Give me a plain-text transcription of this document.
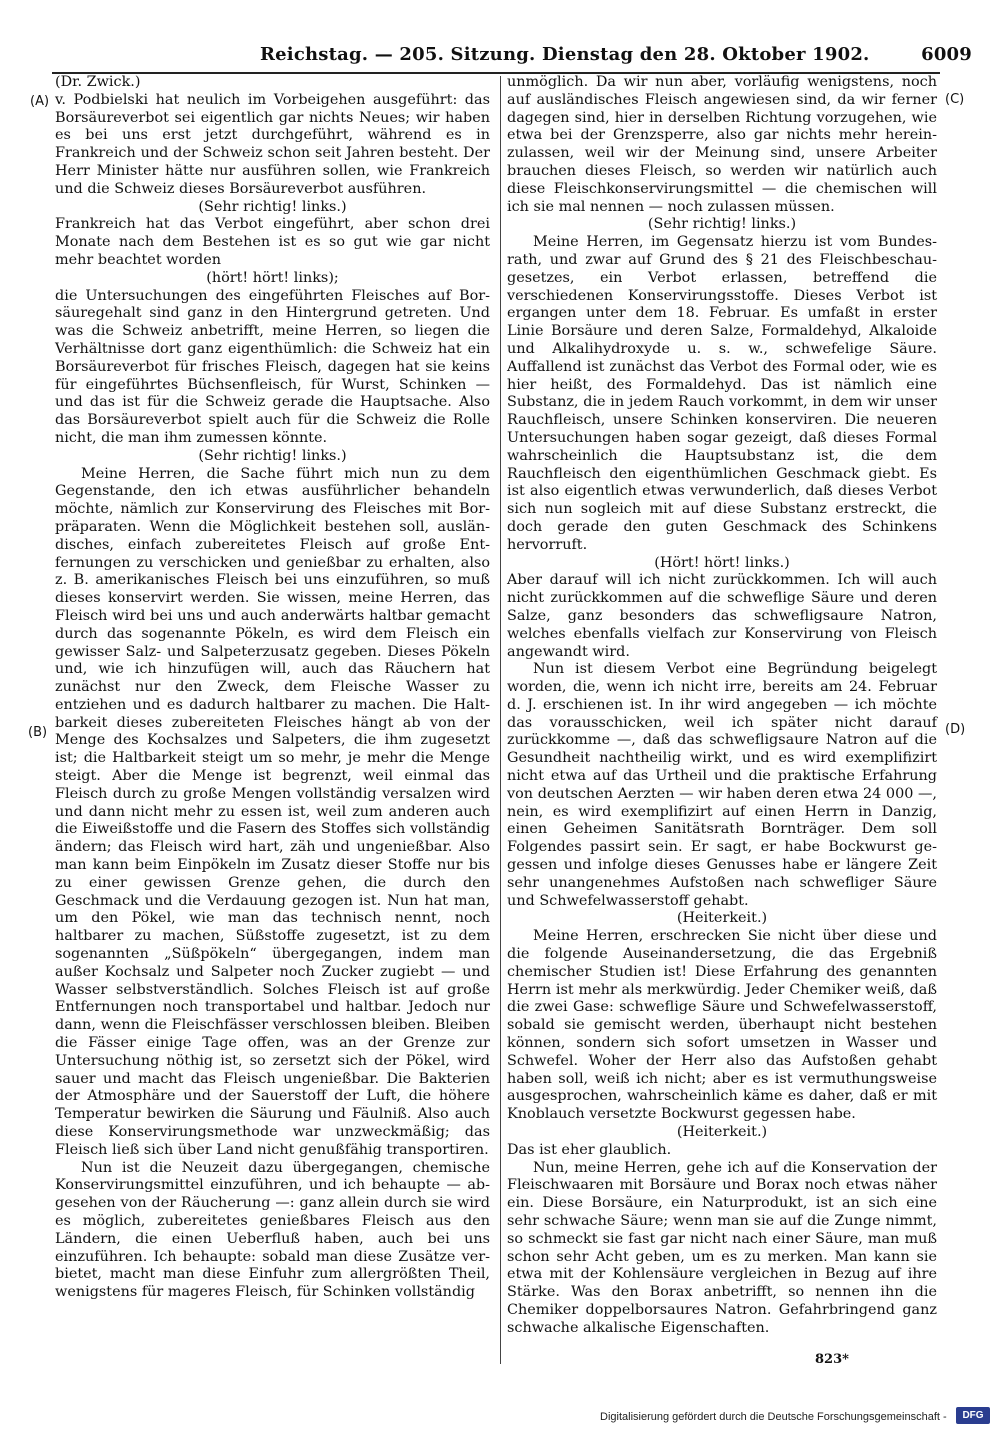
Reichstag. — 205. Sitzung. Dienstag den 28. Oktober 1902.	6009
(A)
(B)
(C)
(D)

(Dr. Zwick.)

v. Podbielski hat neulich im Vorbeigehen ausgeführt: das Borsäureverbot sei eigentlich gar nichts Neues; wir haben es bei uns erst jetzt durchgeführt, während es in Frankreich und der Schweiz schon seit Jahren besteht. Der Herr Minister hätte nur ausführen sollen, wie Frankreich und die Schweiz dieses Borsäureverbot ausführen.

(Sehr richtig! links.)

Frankreich hat das Verbot eingeführt, aber schon drei Monate nach dem Bestehen ist es so gut wie gar nicht mehr beachtet worden

(hört! hört! links);

die Untersuchungen des eingeführten Fleisches auf Borsäuregehalt sind ganz in den Hintergrund getreten. Und was die Schweiz anbetrifft, meine Herren, so liegen die Verhältnisse dort ganz eigenthümlich: die Schweiz hat ein Borsäureverbot für frisches Fleisch, dagegen hat sie keins für eingeführtes Büchsenfleisch, für Wurst, Schinken — und das ist für die Schweiz gerade die Hauptsache. Also das Borsäureverbot spielt auch für die Schweiz die Rolle nicht, die man ihm zumessen könnte.

(Sehr richtig! links.)

Meine Herren, die Sache führt mich nun zu dem Gegenstande, den ich etwas ausführlicher behandeln möchte, nämlich zur Konservirung des Fleisches mit Borpräparaten. Wenn die Möglichkeit bestehen soll, ausländisches, einfach zubereitetes Fleisch auf große Entfernungen zu verschicken und genießbar zu erhalten, also z. B. amerikanisches Fleisch bei uns einzuführen, so muß dieses konservirt werden. Sie wissen, meine Herren, das Fleisch wird bei uns und auch anderwärts haltbar gemacht durch das sogenannte Pökeln, es wird dem Fleisch ein gewisser Salz- und Salpeterzusatz gegeben. Dieses Pökeln und, wie ich hinzufügen will, auch das Räuchern hat zunächst nur den Zweck, dem Fleische Wasser zu entziehen und es dadurch haltbarer zu machen. Die Haltbarkeit dieses zubereiteten Fleisches hängt ab von der Menge des Kochsalzes und Salpeters, die ihm zugesetzt ist; die Haltbarkeit steigt um so mehr, je mehr die Menge steigt. Aber die Menge ist begrenzt, weil einmal das Fleisch durch zu große Mengen vollständig versalzen wird und dann nicht mehr zu essen ist, weil zum anderen auch die Eiweißstoffe und die Fasern des Stoffes sich vollständig ändern; das Fleisch wird hart, zäh und ungenießbar. Also man kann beim Einpökeln im Zusatz dieser Stoffe nur bis zu einer gewissen Grenze gehen, die durch den Geschmack und die Verdauung gezogen ist. Nun hat man, um den Pökel, wie man das technisch nennt, noch haltbarer zu machen, Süßstoffe zugesetzt, ist zu dem sogenannten „Süßpökeln“ übergegangen, indem man außer Kochsalz und Salpeter noch Zucker zugiebt — und Wasser selbstverständlich. Solches Fleisch ist auf große Entfernungen noch transportabel und haltbar. Jedoch nur dann, wenn die Fleischfässer verschlossen bleiben. Bleiben die Fässer einige Tage offen, was an der Grenze zur Untersuchung nöthig ist, so zersetzt sich der Pökel, wird sauer und macht das Fleisch ungenießbar. Die Bakterien der Atmosphäre und der Sauerstoff der Luft, die höhere Temperatur bewirken die Säurung und Fäulniß. Also auch diese Konservirungsmethode war unzweckmäßig; das Fleisch ließ sich über Land nicht genußfähig transportiren.

Nun ist die Neuzeit dazu übergegangen, chemische Konservirungsmittel einzuführen, und ich behaupte — abgesehen von der Räucherung —: ganz allein durch sie wird es möglich, zubereitetes genießbares Fleisch aus den Ländern, die einen Ueberfluß haben, auch bei uns einzuführen. Ich behaupte: sobald man diese Zusätze verbietet, macht man diese Einfuhr zum allergrößten Theil, wenigstens für mageres Fleisch, für Schinken vollständig

unmöglich. Da wir nun aber, vorläufig wenigstens, noch auf ausländisches Fleisch angewiesen sind, da wir ferner dagegen sind, hier in derselben Richtung vorzugehen, wie etwa bei der Grenzsperre, also gar nichts mehr hereinzulassen, weil wir der Meinung sind, unsere Arbeiter brauchen dieses Fleisch, so werden wir natürlich auch diese Fleischkonservirungsmittel — die chemischen will ich sie mal nennen — noch zulassen müssen.

(Sehr richtig! links.)

Meine Herren, im Gegensatz hierzu ist vom Bundesrath, und zwar auf Grund des § 21 des Fleischbeschaugesetzes, ein Verbot erlassen, betreffend die verschiedenen Konservirungsstoffe. Dieses Verbot ist ergangen unter dem 18. Februar. Es umfaßt in erster Linie Borsäure und deren Salze, Formaldehyd, Alkaloide und Alkalihydroxyde u. s. w., schwefelige Säure. Auffallend ist zunächst das Verbot des Formal oder, wie es hier heißt, des Formaldehyd. Das ist nämlich eine Substanz, die in jedem Rauch vorkommt, in dem wir unser Rauchfleisch, unsere Schinken konserviren. Die neueren Untersuchungen haben sogar gezeigt, daß dieses Formal wahrscheinlich die Hauptsubstanz ist, die dem Rauchfleisch den eigenthümlichen Geschmack giebt. Es ist also eigentlich etwas verwunderlich, daß dieses Verbot sich nun sogleich mit auf diese Substanz erstreckt, die doch gerade den guten Geschmack des Schinkens hervorruft.

(Hört! hört! links.)

Aber darauf will ich nicht zurückkommen. Ich will auch nicht zurückkommen auf die schweflige Säure und deren Salze, ganz besonders das schwefligsaure Natron, welches ebenfalls vielfach zur Konservirung von Fleisch angewandt wird.

Nun ist diesem Verbot eine Begründung beigelegt worden, die, wenn ich nicht irre, bereits am 24. Februar d. J. erschienen ist. In ihr wird angegeben — ich möchte das vorausschicken, weil ich später nicht darauf zurückkomme —, daß das schwefligsaure Natron auf die Gesundheit nachtheilig wirkt, und es wird exemplifizirt nicht etwa auf das Urtheil und die praktische Erfahrung von deutschen Aerzten — wir haben deren etwa 24 000 —, nein, es wird exemplifizirt auf einen Herrn in Danzig, einen Geheimen Sanitätsrath Bornträger. Dem soll Folgendes passirt sein. Er sagt, er habe Bockwurst gegessen und infolge dieses Genusses habe er längere Zeit sehr unangenehmes Aufstoßen nach schwefliger Säure und Schwefelwasserstoff gehabt.

(Heiterkeit.)

Meine Herren, erschrecken Sie nicht über diese und die folgende Auseinandersetzung, die das Ergebniß chemischer Studien ist! Diese Erfahrung des genannten Herrn ist mehr als merkwürdig. Jeder Chemiker weiß, daß die zwei Gase: schweflige Säure und Schwefelwasserstoff, sobald sie gemischt werden, überhaupt nicht bestehen können, sondern sich sofort umsetzen in Wasser und Schwefel. Woher der Herr also das Aufstoßen gehabt haben soll, weiß ich nicht; aber es ist vermuthungsweise ausgesprochen, wahrscheinlich käme es daher, daß er mit Knoblauch versetzte Bockwurst gegessen habe.

(Heiterkeit.)

Das ist eher glaublich.

Nun, meine Herren, gehe ich auf die Konservation der Fleischwaaren mit Borsäure und Borax noch etwas näher ein. Diese Borsäure, ein Naturprodukt, ist an sich eine sehr schwache Säure; wenn man sie auf die Zunge nimmt, so schmeckt sie fast gar nicht nach einer Säure, man muß schon sehr Acht geben, um es zu merken. Man kann sie etwa mit der Kohlensäure vergleichen in Bezug auf ihre Stärke. Was den Borax anbetrifft, so nennen ihn die Chemiker doppelborsaures Natron. Gefahrbringend ganz schwache alkalische Eigenschaften.

823*
Digitalisierung gefördert durch die Deutsche Forschungsgemeinschaft -	DFG
